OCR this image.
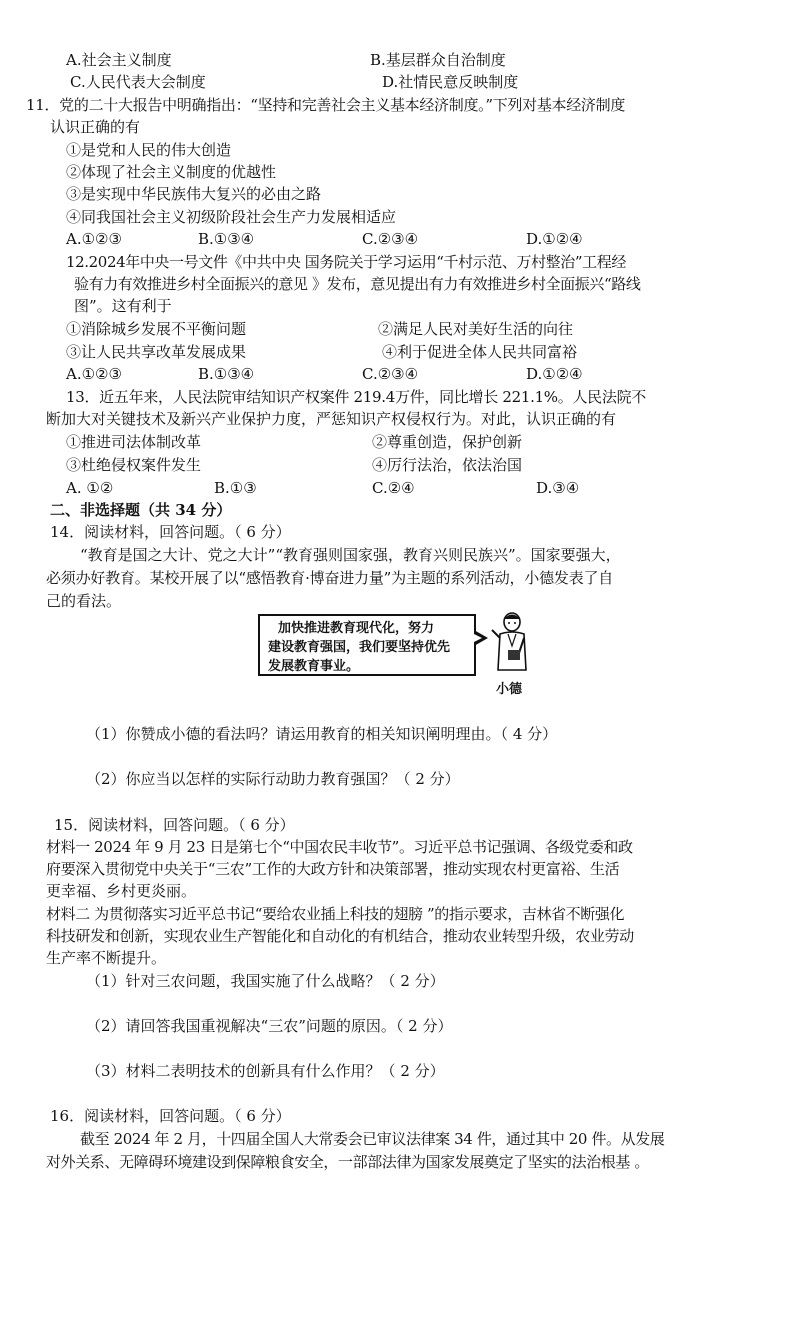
A.社会主义制度	B.基层群众自治制度
C.人民代表大会制度	D.社情民意反映制度
11．党的二十大报告中明确指出：“坚持和完善社会主义基本经济制度。”下列对基本经济制度
认识正确的有
①是党和人民的伟大创造
②体现了社会主义制度的优越性
③是实现中华民族伟大复兴的必由之路
④同我国社会主义初级阶段社会生产力发展相适应
A.①②③	B.①③④	C.②③④	D.①②④
12.2024年中央一号文件《中共中央 国务院关于学习运用“千村示范、万村整治”工程经
验有力有效推进乡村全面振兴的意见 》发布，意见提出有力有效推进乡村全面振兴“路线
图”。这有利于
①消除城乡发展不平衡问题	②满足人民对美好生活的向往
③让人民共享改革发展成果	④利于促进全体人民共同富裕
A.①②③	B.①③④	C.②③④	D.①②④
13．近五年来，人民法院审结知识产权案件 219.4万件，同比增长 221.1%。人民法院不
断加大对关键技术及新兴产业保护力度，严惩知识产权侵权行为。对此，认识正确的有
①推进司法体制改革	②尊重创造，保护创新
③杜绝侵权案件发生	④厉行法治，依法治国
A. ①②	B.①③	C.②④	D.③④
二、非选择题（共 34 分）
14．阅读材料，回答问题。（ 6 分）
“教育是国之大计、党之大计”“教育强则国家强，教育兴则民族兴”。国家要强大，
必须办好教育。某校开展了以“感悟教育·博奋进力量”为主题的系列活动，小德发表了自
己的看法。
加快推进教育现代化，努力
建设教育强国，我们要坚持优先
发展教育事业。
小德
（1）你赞成小德的看法吗？请运用教育的相关知识阐明理由。（ 4 分）
（2）你应当以怎样的实际行动助力教育强国？（ 2 分）
15．阅读材料，回答问题。（ 6 分）
材料一 2024 年 9 月 23 日是第七个“中国农民丰收节”。习近平总书记强调、各级党委和政
府要深入贯彻党中央关于“三农”工作的大政方针和决策部署，推动实现农村更富裕、生活
更幸福、乡村更炎丽。
材料二 为贯彻落实习近平总书记“要给农业插上科技的翅膀 ”的指示要求，吉林省不断强化
科技研发和创新，实现农业生产智能化和自动化的有机结合，推动农业转型升级，农业劳动
生产率不断提升。
（1）针对三农问题，我国实施了什么战略？（ 2 分）
（2）请回答我国重视解决“三农”问题的原因。（ 2 分）
（3）材料二表明技术的创新具有什么作用？（ 2 分）
16．阅读材料，回答问题。（ 6 分）
截至 2024 年 2 月，十四届全国人大常委会已审议法律案 34 件，通过其中 20 件。从发展
对外关系、无障碍环境建设到保障粮食安全，一部部法律为国家发展奠定了坚实的法治根基 。
